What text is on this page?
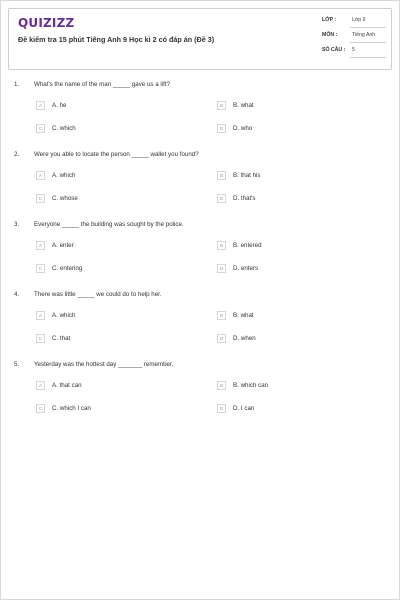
QUIZIZZ
Đề kiểm tra 15 phút Tiếng Anh 9 Học kì 2 có đáp án (Đề 3)
LỚP :	Lớp 9
MÔN :	Tiếng Anh
SỐ CÂU : 5
1. What's the name of the man _____ gave us a lift?
A	A. he	B	B. what
C	C. which	D	D. who
2. Were you able to locate the person _____ wallet you found?
A	A. which	B	B. that his
C	C. whose	D	D. that's
3. Everyone _____ the building was sought by the police.
A	A. enter	B	B. entered
C	C. entering	D	D. enters
4. There was little _____ we could do to help her.
A	A. which	B	B. what
C	C. that	D	D. when
5. Yesterday was the hottest day _______ remember.
A	A. that can	B	B. which can
C	C. which I can	D	D. I can
